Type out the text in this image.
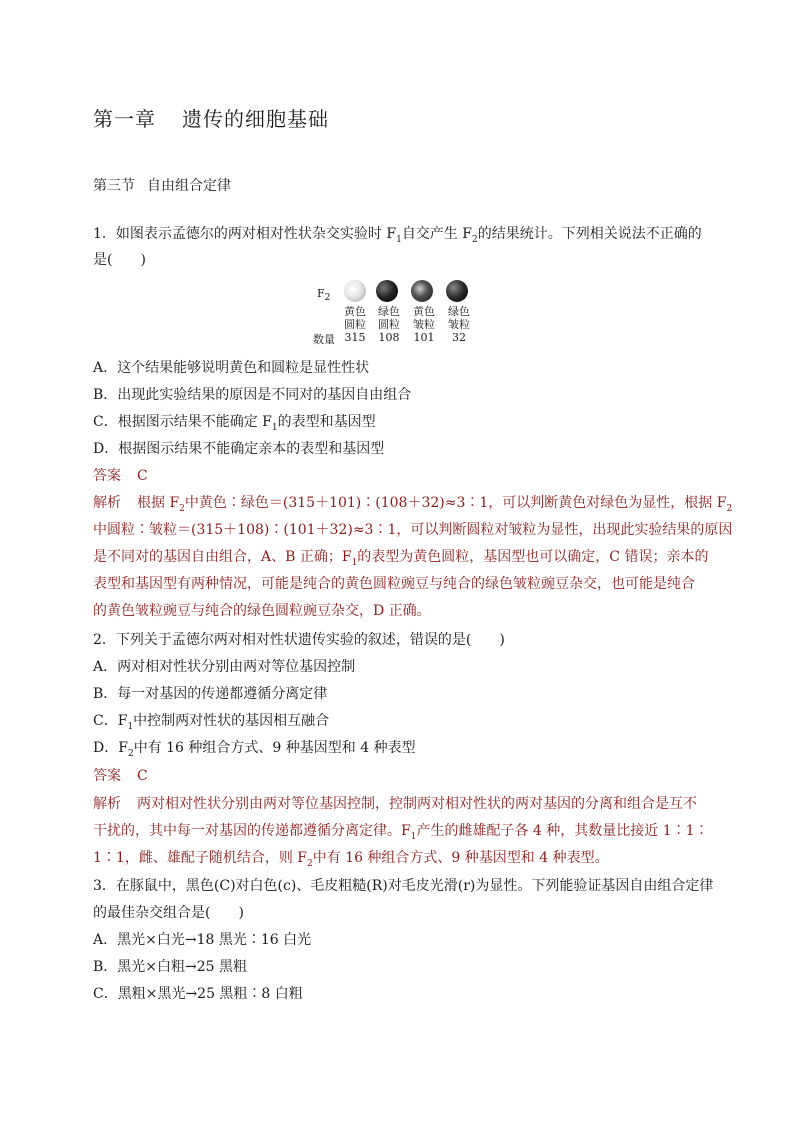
第一章 遗传的细胞基础
第三节 自由组合定律
1．如图表示孟德尔的两对相对性状杂交实验时 $F_1$自交产生 $F_2$的结果统计。下列相关说法不正确的
是(　　)
$F_2$
黄色
圆粒
315
绿色
圆粒
108
黄色
皱粒
101
绿色
皱粒
32
数量
A．这个结果能够说明黄色和圆粒是显性性状
B．出现此实验结果的原因是不同对的基因自由组合
C．根据图示结果不能确定 $F_1$的表型和基因型
D．根据图示结果不能确定亲本的表型和基因型
答案 C
解析 根据 $F_2$中黄色∶绿色＝(315＋101)∶(108＋32)≈3∶1，可以判断黄色对绿色为显性，根据 $F_2$
中圆粒∶皱粒＝(315＋108)∶(101＋32)≈3∶1，可以判断圆粒对皱粒为显性，出现此实验结果的原因
是不同对的基因自由组合，A、B 正确；$F_1$的表型为黄色圆粒，基因型也可以确定，C 错误；亲本的
表型和基因型有两种情况，可能是纯合的黄色圆粒豌豆与纯合的绿色皱粒豌豆杂交，也可能是纯合
的黄色皱粒豌豆与纯合的绿色圆粒豌豆杂交，D 正确。
2．下列关于孟德尔两对相对性状遗传实验的叙述，错误的是(　　)
A．两对相对性状分别由两对等位基因控制
B．每一对基因的传递都遵循分离定律
C．$F_1$中控制两对性状的基因相互融合
D．$F_2$中有 16 种组合方式、9 种基因型和 4 种表型
答案 C
解析 两对相对性状分别由两对等位基因控制，控制两对相对性状的两对基因的分离和组合是互不
干扰的，其中每一对基因的传递都遵循分离定律。$F_1$产生的雌雄配子各 4 种，其数量比接近 1∶1∶
1∶1，雌、雄配子随机结合，则 $F_2$中有 16 种组合方式、9 种基因型和 4 种表型。
3．在豚鼠中，黑色(C)对白色(c)、毛皮粗糙(R)对毛皮光滑(r)为显性。下列能验证基因自由组合定律
的最佳杂交组合是(　　)
A．黑光×白光→18 黑光∶16 白光
B．黑光×白粗→25 黑粗
C．黑粗×黑光→25 黑粗∶8 白粗
